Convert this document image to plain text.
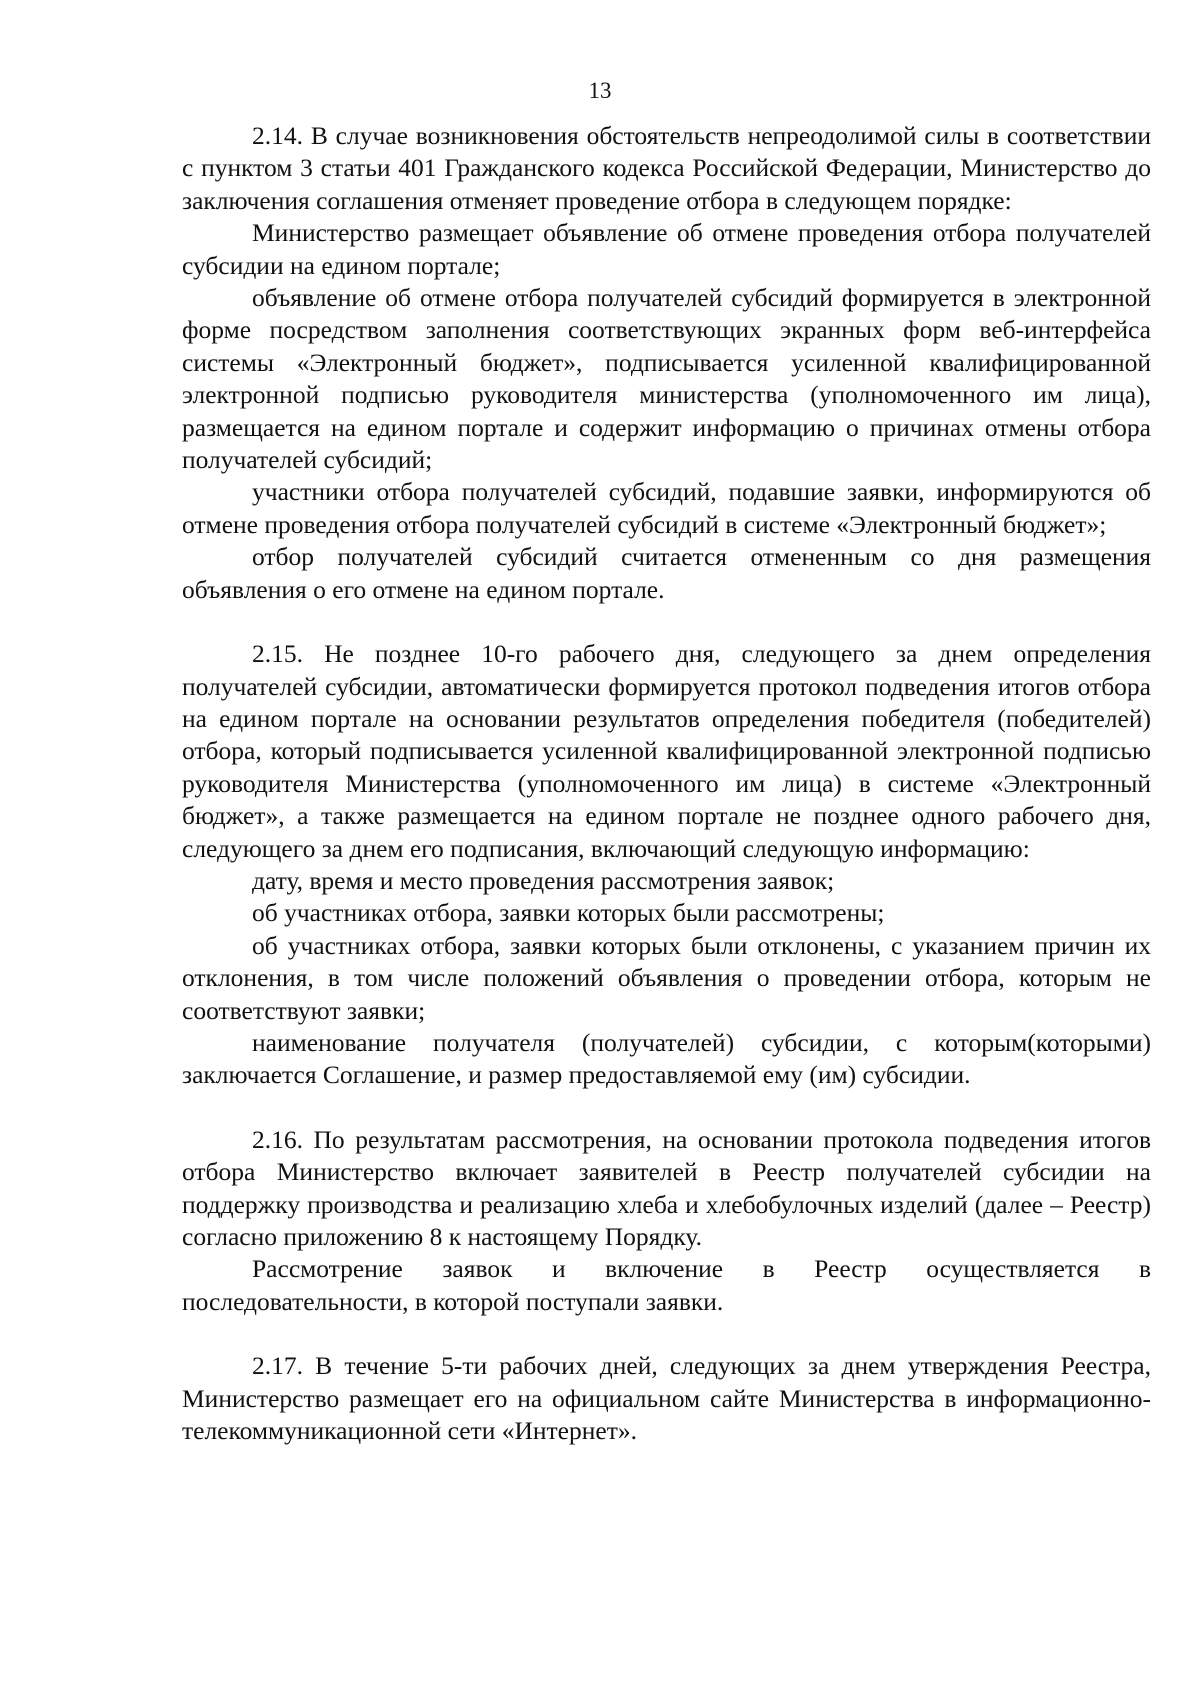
13

2.14. В случае возникновения обстоятельств непреодолимой силы в соответствии с пунктом 3 статьи 401 Гражданского кодекса Российской Федерации, Министерство до заключения соглашения отменяет проведение отбора в следующем порядке:

Министерство размещает объявление об отмене проведения отбора получателей субсидии на едином портале;

объявление об отмене отбора получателей субсидий формируется в электронной форме посредством заполнения соответствующих экранных форм веб-интерфейса системы «Электронный бюджет», подписывается усиленной квалифицированной электронной подписью руководителя министерства (уполномоченного им лица), размещается на едином портале и содержит информацию о причинах отмены отбора получателей субсидий;

участники отбора получателей субсидий, подавшие заявки, информируются об отмене проведения отбора получателей субсидий в системе «Электронный бюджет»;

отбор получателей субсидий считается отмененным со дня размещения объявления о его отмене на едином портале.

2.15. Не позднее 10-го рабочего дня, следующего за днем определения получателей субсидии, автоматически формируется протокол подведения итогов отбора на едином портале на основании результатов определения победителя (победителей) отбора, который подписывается усиленной квалифицированной электронной подписью руководителя Министерства (уполномоченного им лица) в системе «Электронный бюджет», а также размещается на едином портале не позднее одного рабочего дня, следующего за днем его подписания, включающий следующую информацию:

дату, время и место проведения рассмотрения заявок;

об участниках отбора, заявки которых были рассмотрены;

об участниках отбора, заявки которых были отклонены, с указанием причин их отклонения, в том числе положений объявления о проведении отбора, которым не соответствуют заявки;

наименование получателя (получателей) субсидии, с которым(которыми) заключается Соглашение, и размер предоставляемой ему (им) субсидии.

2.16. По результатам рассмотрения, на основании протокола подведения итогов отбора Министерство включает заявителей в Реестр получателей субсидии на поддержку производства и реализацию хлеба и хлебобулочных изделий (далее – Реестр) согласно приложению 8 к настоящему Порядку.

Рассмотрение заявок и включение в Реестр осуществляется в последовательности, в которой поступали заявки.

2.17. В течение 5-ти рабочих дней, следующих за днем утверждения Реестра, Министерство размещает его на официальном сайте Министерства в информационно-телекоммуникационной сети «Интернет».
